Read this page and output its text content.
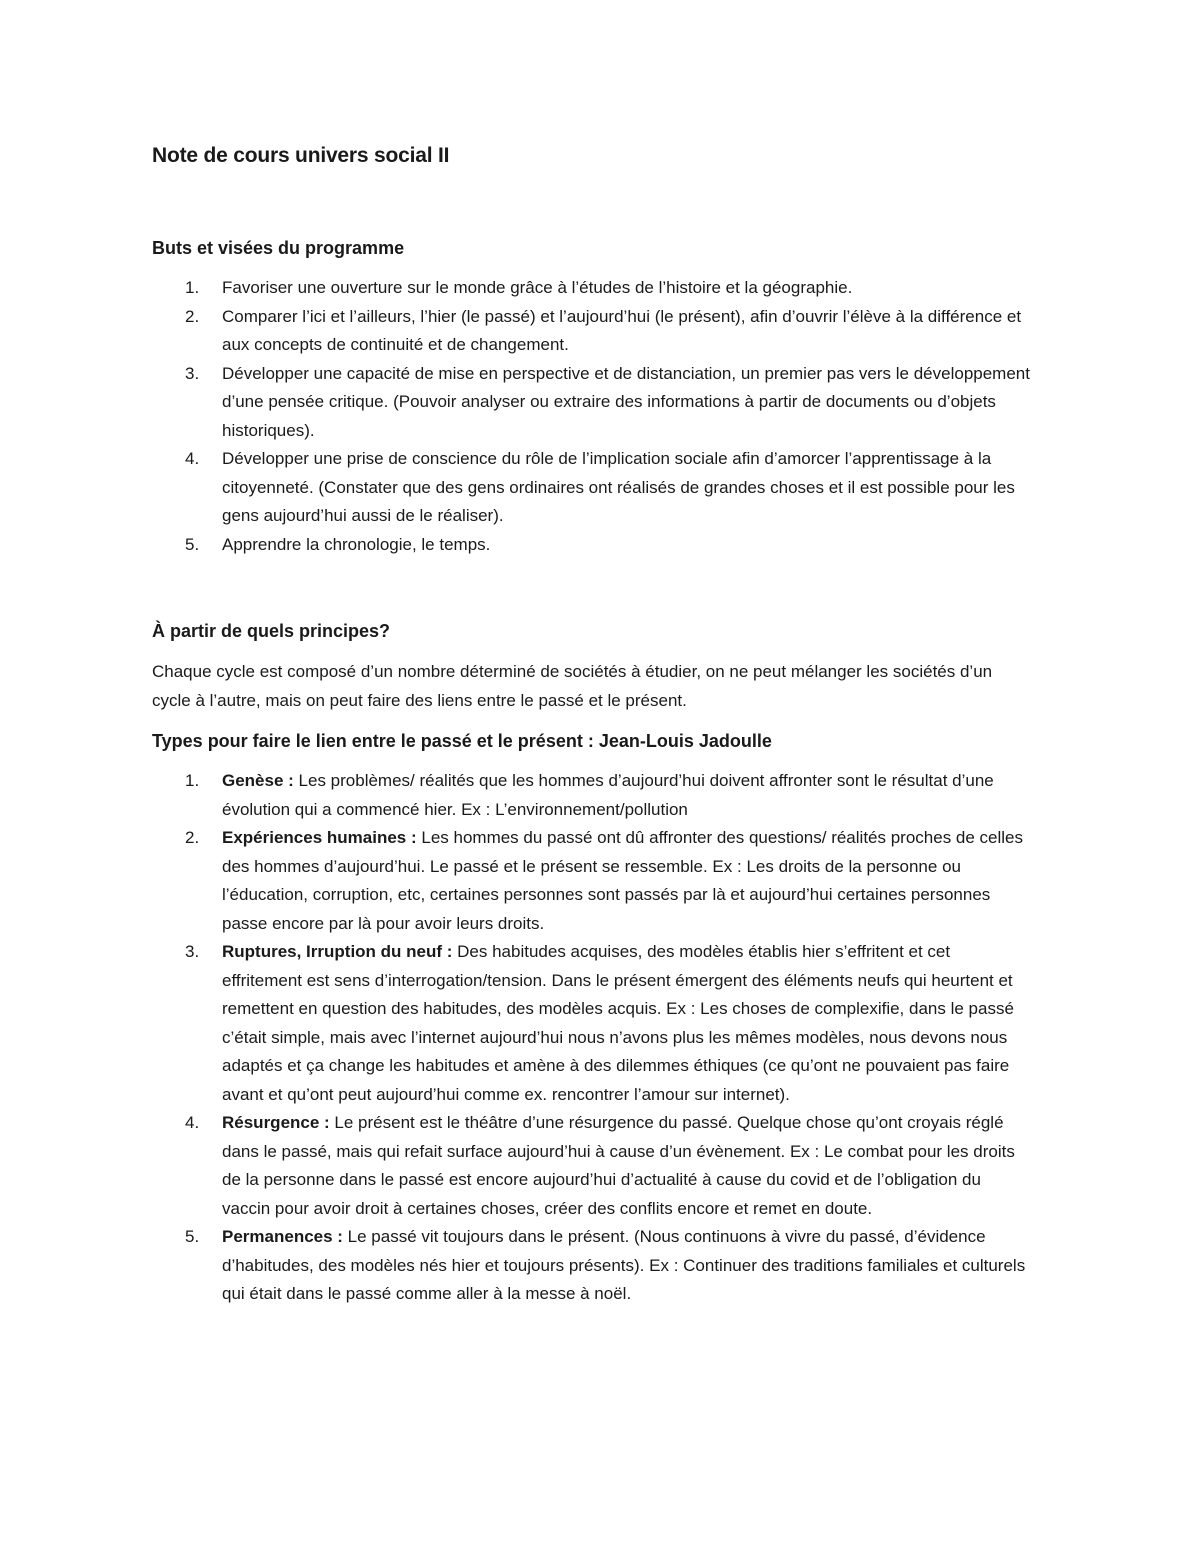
Note de cours univers social II
Buts et visées du programme
1. Favoriser une ouverture sur le monde grâce à l’études de l’histoire et la géographie.
2. Comparer l’ici et l’ailleurs, l’hier (le passé) et l’aujourd’hui (le présent), afin d’ouvrir l’élève à la différence et aux concepts de continuité et de changement.
3. Développer une capacité de mise en perspective et de distanciation, un premier pas vers le développement d’une pensée critique. (Pouvoir analyser ou extraire des informations à partir de documents ou d’objets historiques).
4. Développer une prise de conscience du rôle de l’implication sociale afin d’amorcer l’apprentissage à la citoyenneté. (Constater que des gens ordinaires ont réalisés de grandes choses et il est possible pour les gens aujourd’hui aussi de le réaliser).
5. Apprendre la chronologie, le temps.
À partir de quels principes?

Chaque cycle est composé d’un nombre déterminé de sociétés à étudier, on ne peut mélanger les sociétés d’un cycle à l’autre, mais on peut faire des liens entre le passé et le présent.

Types pour faire le lien entre le passé et le présent : Jean-Louis Jadoulle
1. Genèse : Les problèmes/ réalités que les hommes d’aujourd’hui doivent affronter sont le résultat d’une évolution qui a commencé hier. Ex : L’environnement/pollution
2. Expériences humaines : Les hommes du passé ont dû affronter des questions/ réalités proches de celles des hommes d’aujourd’hui. Le passé et le présent se ressemble. Ex : Les droits de la personne ou l’éducation, corruption, etc, certaines personnes sont passés par là et aujourd’hui certaines personnes passe encore par là pour avoir leurs droits.
3. Ruptures, Irruption du neuf : Des habitudes acquises, des modèles établis hier s’effritent et cet effritement est sens d’interrogation/tension. Dans le présent émergent des éléments neufs qui heurtent et remettent en question des habitudes, des modèles acquis. Ex : Les choses de complexifie, dans le passé c’était simple, mais avec l’internet aujourd’hui nous n’avons plus les mêmes modèles, nous devons nous adaptés et ça change les habitudes et amène à des dilemmes éthiques (ce qu’ont ne pouvaient pas faire avant et qu’ont peut aujourd’hui comme ex. rencontrer l’amour sur internet).
4. Résurgence : Le présent est le théâtre d’une résurgence du passé. Quelque chose qu’ont croyais réglé dans le passé, mais qui refait surface aujourd’hui à cause d’un évènement. Ex : Le combat pour les droits de la personne dans le passé est encore aujourd’hui d’actualité à cause du covid et de l’obligation du vaccin pour avoir droit à certaines choses, créer des conflits encore et remet en doute.
5. Permanences : Le passé vit toujours dans le présent. (Nous continuons à vivre du passé, d’évidence d’habitudes, des modèles nés hier et toujours présents). Ex : Continuer des traditions familiales et culturels qui était dans le passé comme aller à la messe à noël.
